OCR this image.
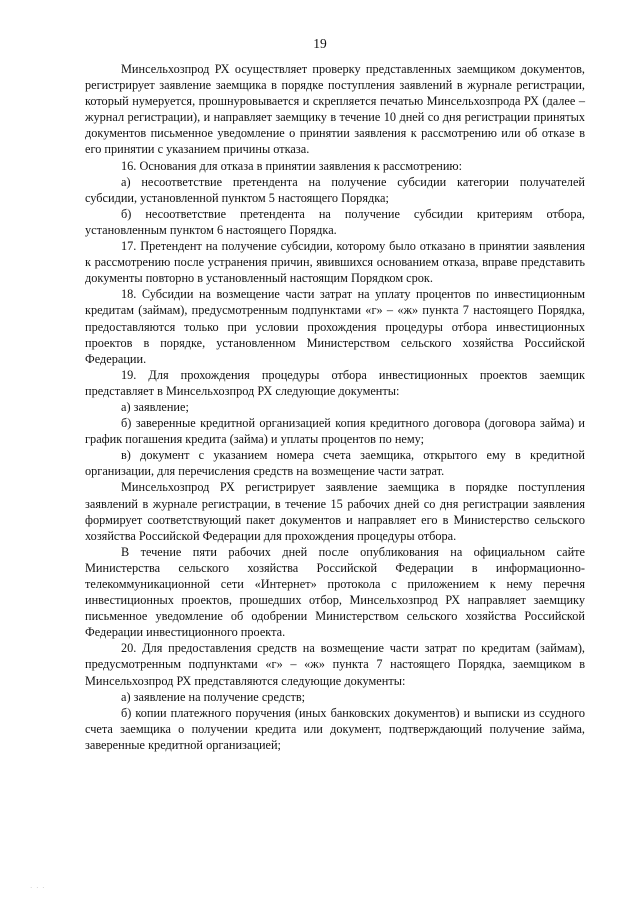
19

Минсельхозпрод РХ осуществляет проверку представленных заемщиком документов, регистрирует заявление заемщика в порядке поступления заявлений в журнале регистрации, который нумеруется, прошнуровывается и скрепляется печатью Минсельхозпрода РХ (далее – журнал регистрации), и направляет заемщику в течение 10 дней со дня регистрации принятых документов письменное уведомление о принятии заявления к рассмотрению или об отказе в его принятии с указанием причины отказа.

16. Основания для отказа в принятии заявления к рассмотрению:

а) несоответствие претендента на получение субсидии категории получателей субсидии, установленной пунктом 5 настоящего Порядка;

б) несоответствие претендента на получение субсидии критериям отбора, установленным пунктом 6 настоящего Порядка.

17. Претендент на получение субсидии, которому было отказано в принятии заявления к рассмотрению после устранения причин, явившихся основанием отказа, вправе представить документы повторно в установленный настоящим Порядком срок.

18. Субсидии на возмещение части затрат на уплату процентов по инвестиционным кредитам (займам), предусмотренным подпунктами «г» – «ж» пункта 7 настоящего Порядка, предоставляются только при условии прохождения процедуры отбора инвестиционных проектов в порядке, установленном Министерством сельского хозяйства Российской Федерации.

19. Для прохождения процедуры отбора инвестиционных проектов заемщик представляет в Минсельхозпрод РХ следующие документы:

а) заявление;

б) заверенные кредитной организацией копия кредитного договора (договора займа) и график погашения кредита (займа) и уплаты процентов по нему;

в) документ с указанием номера счета заемщика, открытого ему в кредитной организации, для перечисления средств на возмещение части затрат.

Минсельхозпрод РХ регистрирует заявление заемщика в порядке поступления заявлений в журнале регистрации, в течение 15 рабочих дней со дня регистрации заявления формирует соответствующий пакет документов и направляет его в Министерство сельского хозяйства Российской Федерации для прохождения процедуры отбора.

В течение пяти рабочих дней после опубликования на официальном сайте Министерства сельского хозяйства Российской Федерации в информационно-телекоммуникационной сети «Интернет» протокола с приложением к нему перечня инвестиционных проектов, прошедших отбор, Минсельхозпрод РХ направляет заемщику письменное уведомление об одобрении Министерством сельского хозяйства Российской Федерации инвестиционного проекта.

20. Для предоставления средств на возмещение части затрат по кредитам (займам), предусмотренным подпунктами «г» – «ж» пункта 7 настоящего Порядка, заемщиком в Минсельхозпрод РХ представляются следующие документы:

а) заявление на получение средств;

б) копии платежного поручения (иных банковских документов) и выписки из ссудного счета заемщика о получении кредита или документ, подтверждающий получение займа, заверенные кредитной организацией;

· · ·
